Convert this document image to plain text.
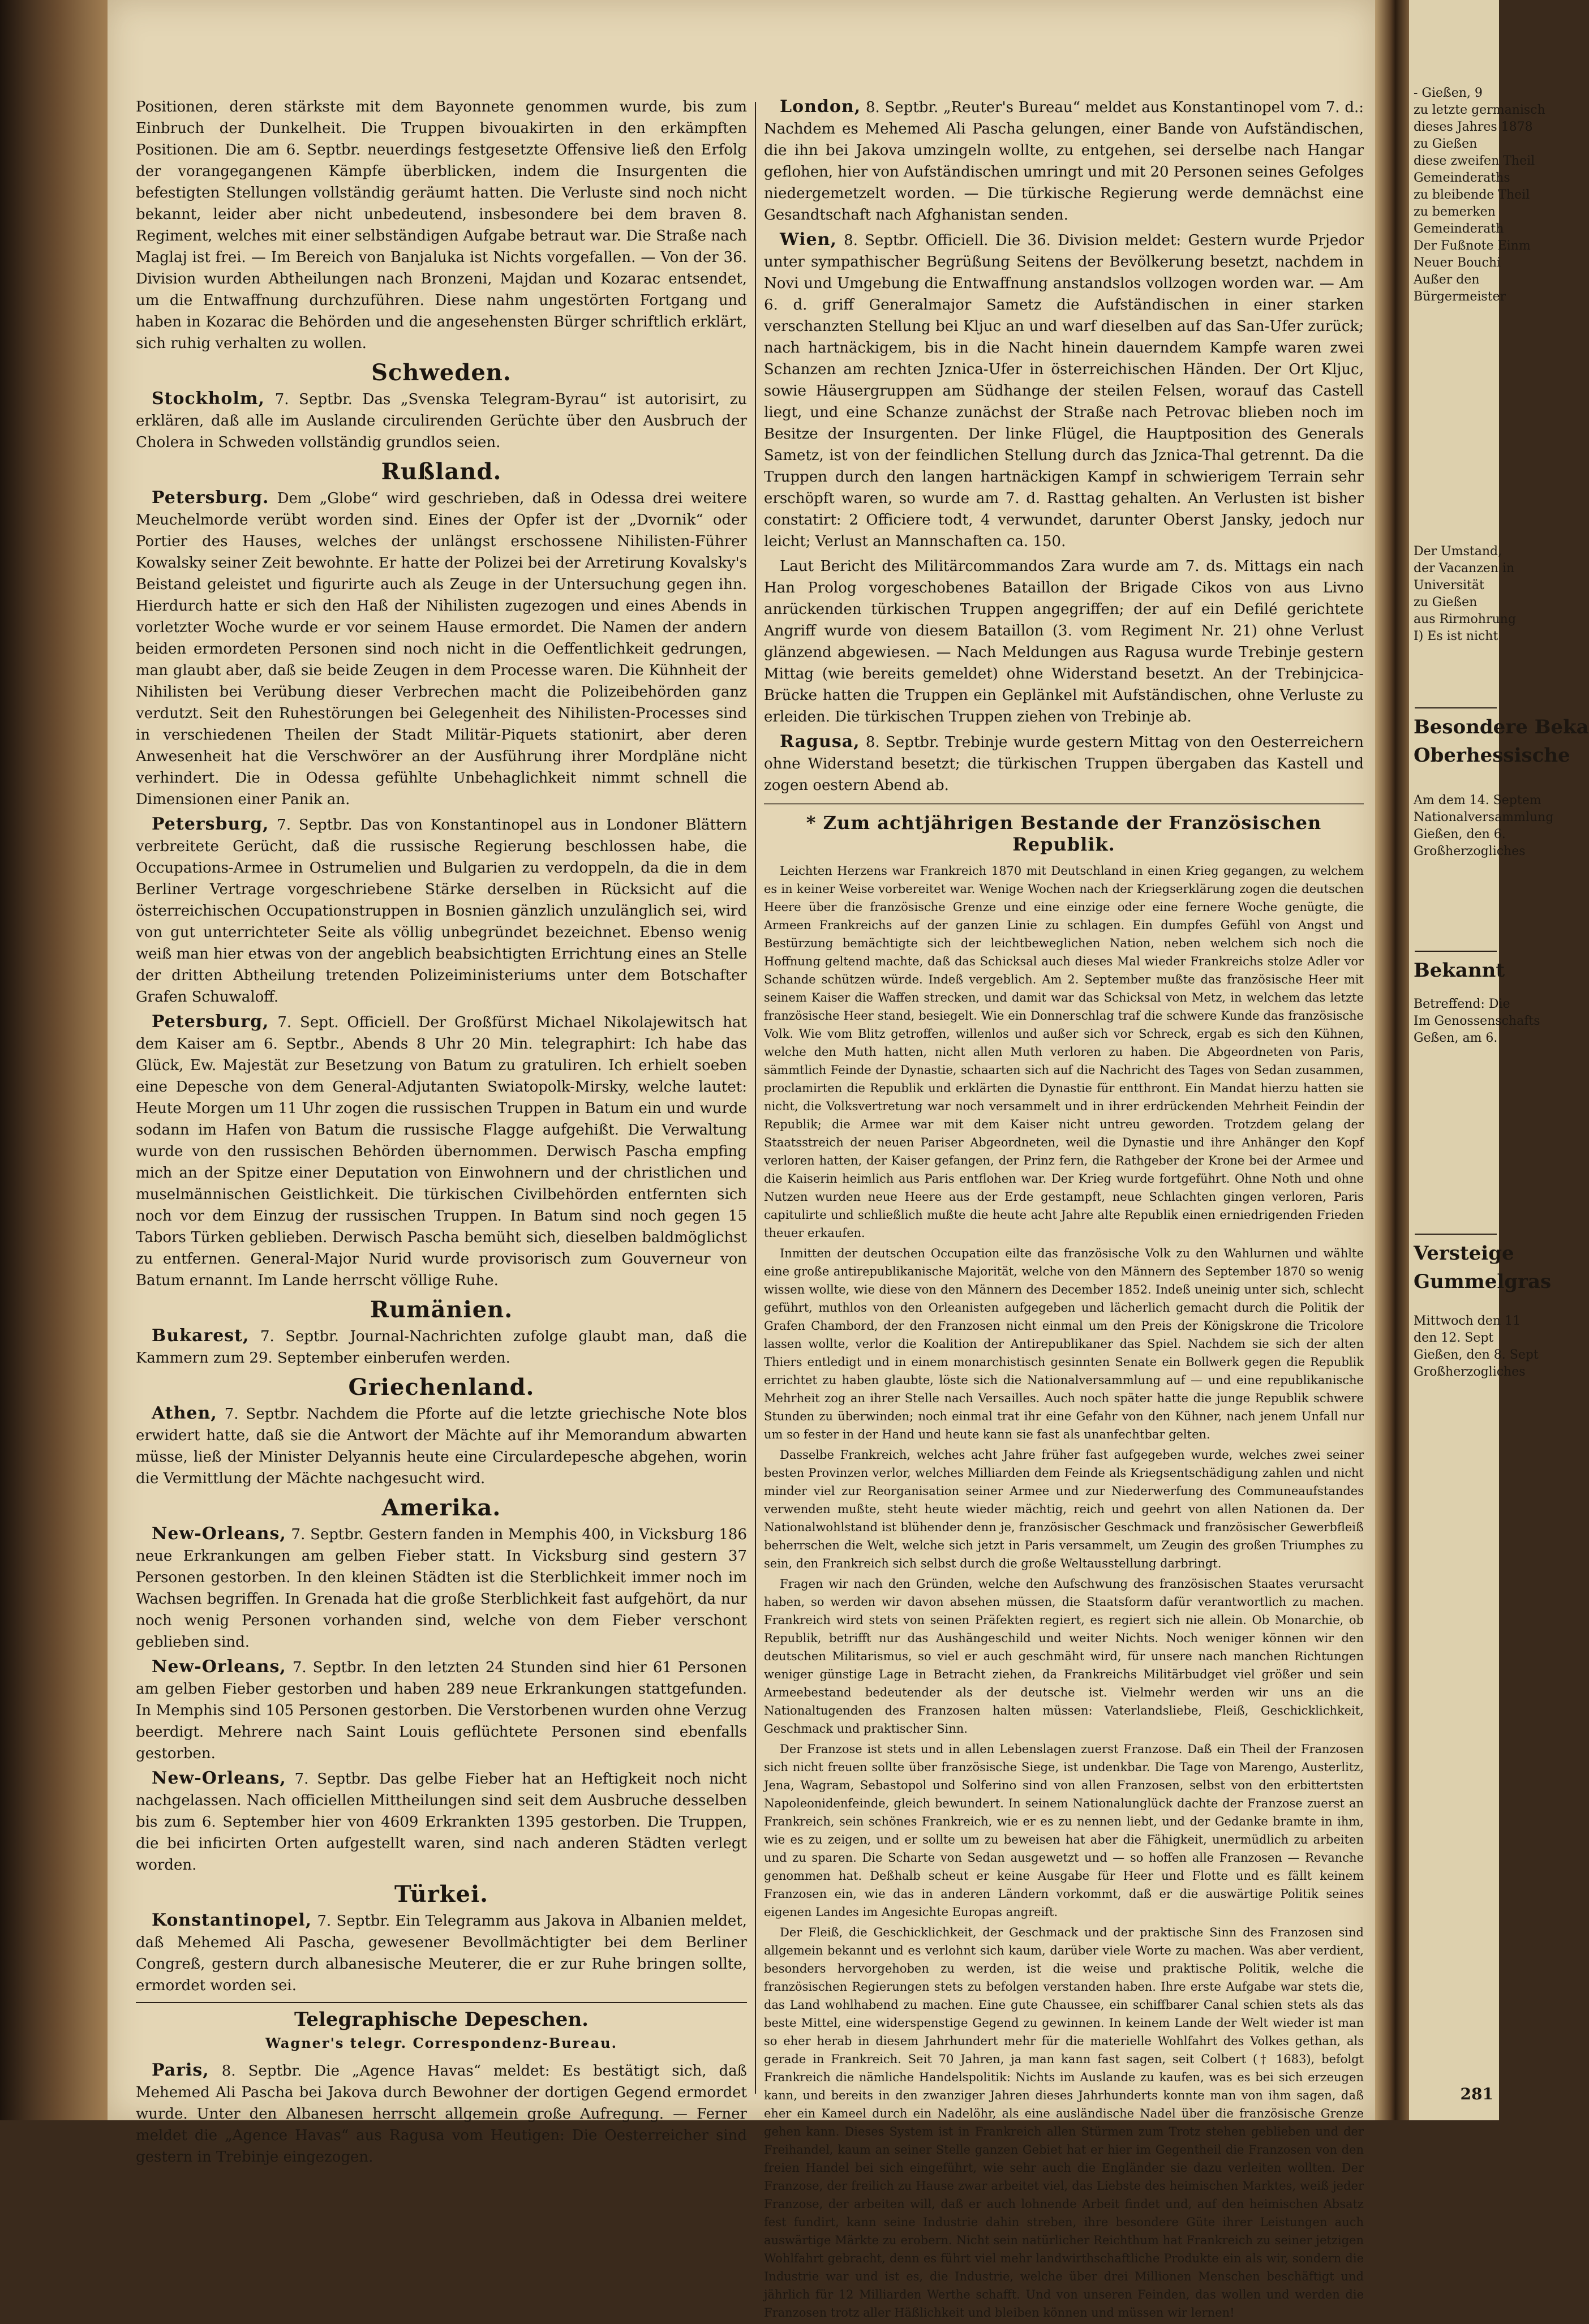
Positionen, deren stärkste mit dem Bayonnete genommen wurde, bis zum Einbruch der Dunkelheit. Die Truppen bivouakirten in den erkämpften Positionen. Die am 6. Septbr. neuerdings festgesetzte Offensive ließ den Erfolg der vorangegangenen Kämpfe überblicken, indem die Insurgenten die befestigten Stellungen vollständig geräumt hatten. Die Verluste sind noch nicht bekannt, leider aber nicht unbedeutend, insbesondere bei dem braven 8. Regiment, welches mit einer selbständigen Aufgabe betraut war. Die Straße nach Maglaj ist frei. — Im Bereich von Banjaluka ist Nichts vorgefallen. — Von der 36. Division wurden Abtheilungen nach Bronzeni, Majdan und Kozarac entsendet, um die Entwaffnung durchzuführen. Diese nahm ungestörten Fortgang und haben in Kozarac die Behörden und die angesehensten Bürger schriftlich erklärt, sich ruhig verhalten zu wollen.

Schweden.

Stockholm, 7. Septbr. Das „Svenska Telegram-Byrau“ ist autorisirt, zu erklären, daß alle im Auslande circulirenden Gerüchte über den Ausbruch der Cholera in Schweden vollständig grundlos seien.

Rußland.

Petersburg. Dem „Globe“ wird geschrieben, daß in Odessa drei weitere Meuchelmorde verübt worden sind. Eines der Opfer ist der „Dvornik“ oder Portier des Hauses, welches der unlängst erschossene Nihilisten-Führer Kowalsky seiner Zeit bewohnte. Er hatte der Polizei bei der Arretirung Kovalsky's Beistand geleistet und figurirte auch als Zeuge in der Untersuchung gegen ihn. Hierdurch hatte er sich den Haß der Nihilisten zugezogen und eines Abends in vorletzter Woche wurde er vor seinem Hause ermordet. Die Namen der andern beiden ermordeten Personen sind noch nicht in die Oeffentlichkeit gedrungen, man glaubt aber, daß sie beide Zeugen in dem Processe waren. Die Kühnheit der Nihilisten bei Verübung dieser Verbrechen macht die Polizeibehörden ganz verdutzt. Seit den Ruhestörungen bei Gelegenheit des Nihilisten-Processes sind in verschiedenen Theilen der Stadt Militär-Piquets stationirt, aber deren Anwesenheit hat die Verschwörer an der Ausführung ihrer Mordpläne nicht verhindert. Die in Odessa gefühlte Unbehaglichkeit nimmt schnell die Dimensionen einer Panik an.

Petersburg, 7. Septbr. Das von Konstantinopel aus in Londoner Blättern verbreitete Gerücht, daß die russische Regierung beschlossen habe, die Occupations-Armee in Ostrumelien und Bulgarien zu verdoppeln, da die in dem Berliner Vertrage vorgeschriebene Stärke derselben in Rücksicht auf die österreichischen Occupationstruppen in Bosnien gänzlich unzulänglich sei, wird von gut unterrichteter Seite als völlig unbegründet bezeichnet. Ebenso wenig weiß man hier etwas von der angeblich beabsichtigten Errichtung eines an Stelle der dritten Abtheilung tretenden Polizeiministeriums unter dem Botschafter Grafen Schuwaloff.

Petersburg, 7. Sept. Officiell. Der Großfürst Michael Nikolajewitsch hat dem Kaiser am 6. Septbr., Abends 8 Uhr 20 Min. telegraphirt: Ich habe das Glück, Ew. Majestät zur Besetzung von Batum zu gratuliren. Ich erhielt soeben eine Depesche von dem General-Adjutanten Swiatopolk-Mirsky, welche lautet: Heute Morgen um 11 Uhr zogen die russischen Truppen in Batum ein und wurde sodann im Hafen von Batum die russische Flagge aufgehißt. Die Verwaltung wurde von den russischen Behörden übernommen. Derwisch Pascha empfing mich an der Spitze einer Deputation von Einwohnern und der christlichen und muselmännischen Geistlichkeit. Die türkischen Civilbehörden entfernten sich noch vor dem Einzug der russischen Truppen. In Batum sind noch gegen 15 Tabors Türken geblieben. Derwisch Pascha bemüht sich, dieselben baldmöglichst zu entfernen. General-Major Nurid wurde provisorisch zum Gouverneur von Batum ernannt. Im Lande herrscht völlige Ruhe.

Rumänien.

Bukarest, 7. Septbr. Journal-Nachrichten zufolge glaubt man, daß die Kammern zum 29. September einberufen werden.

Griechenland.

Athen, 7. Septbr. Nachdem die Pforte auf die letzte griechische Note blos erwidert hatte, daß sie die Antwort der Mächte auf ihr Memorandum abwarten müsse, ließ der Minister Delyannis heute eine Circulardepesche abgehen, worin die Vermittlung der Mächte nachgesucht wird.

Amerika.

New-Orleans, 7. Septbr. Gestern fanden in Memphis 400, in Vicksburg 186 neue Erkrankungen am gelben Fieber statt. In Vicksburg sind gestern 37 Personen gestorben. In den kleinen Städten ist die Sterblichkeit immer noch im Wachsen begriffen. In Grenada hat die große Sterblichkeit fast aufgehört, da nur noch wenig Personen vorhanden sind, welche von dem Fieber verschont geblieben sind.

New-Orleans, 7. Septbr. In den letzten 24 Stunden sind hier 61 Personen am gelben Fieber gestorben und haben 289 neue Erkrankungen stattgefunden. In Memphis sind 105 Personen gestorben. Die Verstorbenen wurden ohne Verzug beerdigt. Mehrere nach Saint Louis geflüchtete Personen sind ebenfalls gestorben.

New-Orleans, 7. Septbr. Das gelbe Fieber hat an Heftigkeit noch nicht nachgelassen. Nach officiellen Mittheilungen sind seit dem Ausbruche desselben bis zum 6. September hier von 4609 Erkrankten 1395 gestorben. Die Truppen, die bei inficirten Orten aufgestellt waren, sind nach anderen Städten verlegt worden.

Türkei.

Konstantinopel, 7. Septbr. Ein Telegramm aus Jakova in Albanien meldet, daß Mehemed Ali Pascha, gewesener Bevollmächtigter bei dem Berliner Congreß, gestern durch albanesische Meuterer, die er zur Ruhe bringen sollte, ermordet worden sei.

Telegraphische Depeschen.
Wagner's telegr. Correspondenz-Bureau.

Paris, 8. Septbr. Die „Agence Havas“ meldet: Es bestätigt sich, daß Mehemed Ali Pascha bei Jakova durch Bewohner der dortigen Gegend ermordet wurde. Unter den Albanesen herrscht allgemein große Aufregung. — Ferner meldet die „Agence Havas“ aus Ragusa vom Heutigen: Die Oesterreicher sind gestern in Trebinje eingezogen.

London, 8. Septbr. „Reuter's Bureau“ meldet aus Konstantinopel vom 7. d.: Nachdem es Mehemed Ali Pascha gelungen, einer Bande von Aufständischen, die ihn bei Jakova umzingeln wollte, zu entgehen, sei derselbe nach Hangar geflohen, hier von Aufständischen umringt und mit 20 Personen seines Gefolges niedergemetzelt worden. — Die türkische Regierung werde demnächst eine Gesandtschaft nach Afghanistan senden.

Wien, 8. Septbr. Officiell. Die 36. Division meldet: Gestern wurde Prjedor unter sympathischer Begrüßung Seitens der Bevölkerung besetzt, nachdem in Novi und Umgebung die Entwaffnung anstandslos vollzogen worden war. — Am 6. d. griff Generalmajor Sametz die Aufständischen in einer starken verschanzten Stellung bei Kljuc an und warf dieselben auf das San-Ufer zurück; nach hartnäckigem, bis in die Nacht hinein dauerndem Kampfe waren zwei Schanzen am rechten Jznica-Ufer in österreichischen Händen. Der Ort Kljuc, sowie Häusergruppen am Südhange der steilen Felsen, worauf das Castell liegt, und eine Schanze zunächst der Straße nach Petrovac blieben noch im Besitze der Insurgenten. Der linke Flügel, die Hauptposition des Generals Sametz, ist von der feindlichen Stellung durch das Jznica-Thal getrennt. Da die Truppen durch den langen hartnäckigen Kampf in schwierigem Terrain sehr erschöpft waren, so wurde am 7. d. Rasttag gehalten. An Verlusten ist bisher constatirt: 2 Officiere todt, 4 verwundet, darunter Oberst Jansky, jedoch nur leicht; Verlust an Mannschaften ca. 150.

Laut Bericht des Militärcommandos Zara wurde am 7. ds. Mittags ein nach Han Prolog vorgeschobenes Bataillon der Brigade Cikos von aus Livno anrückenden türkischen Truppen angegriffen; der auf ein Defilé gerichtete Angriff wurde von diesem Bataillon (3. vom Regiment Nr. 21) ohne Verlust glänzend abgewiesen. — Nach Meldungen aus Ragusa wurde Trebinje gestern Mittag (wie bereits gemeldet) ohne Widerstand besetzt. An der Trebinjcica-Brücke hatten die Truppen ein Geplänkel mit Aufständischen, ohne Verluste zu erleiden. Die türkischen Truppen ziehen von Trebinje ab.

Ragusa, 8. Septbr. Trebinje wurde gestern Mittag von den Oesterreichern ohne Widerstand besetzt; die türkischen Truppen übergaben das Kastell und zogen oestern Abend ab.

* Zum achtjährigen Bestande der Französischen Republik.

Leichten Herzens war Frankreich 1870 mit Deutschland in einen Krieg gegangen, zu welchem es in keiner Weise vorbereitet war. Wenige Wochen nach der Kriegserklärung zogen die deutschen Heere über die französische Grenze und eine einzige oder eine fernere Woche genügte, die Armeen Frankreichs auf der ganzen Linie zu schlagen. Ein dumpfes Gefühl von Angst und Bestürzung bemächtigte sich der leichtbeweglichen Nation, neben welchem sich noch die Hoffnung geltend machte, daß das Schicksal auch dieses Mal wieder Frankreichs stolze Adler vor Schande schützen würde. Indeß vergeblich. Am 2. September mußte das französische Heer mit seinem Kaiser die Waffen strecken, und damit war das Schicksal von Metz, in welchem das letzte französische Heer stand, besiegelt. Wie ein Donnerschlag traf die schwere Kunde das französische Volk. Wie vom Blitz getroffen, willenlos und außer sich vor Schreck, ergab es sich den Kühnen, welche den Muth hatten, nicht allen Muth verloren zu haben. Die Abgeordneten von Paris, sämmtlich Feinde der Dynastie, schaarten sich auf die Nachricht des Tages von Sedan zusammen, proclamirten die Republik und erklärten die Dynastie für entthront. Ein Mandat hierzu hatten sie nicht, die Volksvertretung war noch versammelt und in ihrer erdrückenden Mehrheit Feindin der Republik; die Armee war mit dem Kaiser nicht untreu geworden. Trotzdem gelang der Staatsstreich der neuen Pariser Abgeordneten, weil die Dynastie und ihre Anhänger den Kopf verloren hatten, der Kaiser gefangen, der Prinz fern, die Rathgeber der Krone bei der Armee und die Kaiserin heimlich aus Paris entflohen war. Der Krieg wurde fortgeführt. Ohne Noth und ohne Nutzen wurden neue Heere aus der Erde gestampft, neue Schlachten gingen verloren, Paris capitulirte und schließlich mußte die heute acht Jahre alte Republik einen erniedrigenden Frieden theuer erkaufen.

Inmitten der deutschen Occupation eilte das französische Volk zu den Wahlurnen und wählte eine große antirepublikanische Majorität, welche von den Männern des September 1870 so wenig wissen wollte, wie diese von den Männern des December 1852. Indeß uneinig unter sich, schlecht geführt, muthlos von den Orleanisten aufgegeben und lächerlich gemacht durch die Politik der Grafen Chambord, der den Franzosen nicht einmal um den Preis der Königskrone die Tricolore lassen wollte, verlor die Koalition der Antirepublikaner das Spiel. Nachdem sie sich der alten Thiers entledigt und in einem monarchistisch gesinnten Senate ein Bollwerk gegen die Republik errichtet zu haben glaubte, löste sich die Nationalversammlung auf — und eine republikanische Mehrheit zog an ihrer Stelle nach Versailles. Auch noch später hatte die junge Republik schwere Stunden zu überwinden; noch einmal trat ihr eine Gefahr von den Kühner, nach jenem Unfall nur um so fester in der Hand und heute kann sie fast als unanfechtbar gelten.

Dasselbe Frankreich, welches acht Jahre früher fast aufgegeben wurde, welches zwei seiner besten Provinzen verlor, welches Milliarden dem Feinde als Kriegsentschädigung zahlen und nicht minder viel zur Reorganisation seiner Armee und zur Niederwerfung des Communeaufstandes verwenden mußte, steht heute wieder mächtig, reich und geehrt von allen Nationen da. Der Nationalwohlstand ist blühender denn je, französischer Geschmack und französischer Gewerbfleiß beherrschen die Welt, welche sich jetzt in Paris versammelt, um Zeugin des großen Triumphes zu sein, den Frankreich sich selbst durch die große Weltausstellung darbringt.

Fragen wir nach den Gründen, welche den Aufschwung des französischen Staates verursacht haben, so werden wir davon absehen müssen, die Staatsform dafür verantwortlich zu machen. Frankreich wird stets von seinen Präfekten regiert, es regiert sich nie allein. Ob Monarchie, ob Republik, betrifft nur das Aushängeschild und weiter Nichts. Noch weniger können wir den deutschen Militarismus, so viel er auch geschmäht wird, für unsere nach manchen Richtungen weniger günstige Lage in Betracht ziehen, da Frankreichs Militärbudget viel größer und sein Armeebestand bedeutender als der deutsche ist. Vielmehr werden wir uns an die Nationaltugenden des Franzosen halten müssen: Vaterlandsliebe, Fleiß, Geschicklichkeit, Geschmack und praktischer Sinn.

Der Franzose ist stets und in allen Lebenslagen zuerst Franzose. Daß ein Theil der Franzosen sich nicht freuen sollte über französische Siege, ist undenkbar. Die Tage von Marengo, Austerlitz, Jena, Wagram, Sebastopol und Solferino sind von allen Franzosen, selbst von den erbittertsten Napoleonidenfeinde, gleich bewundert. In seinem Nationalunglück dachte der Franzose zuerst an Frankreich, sein schönes Frankreich, wie er es zu nennen liebt, und der Gedanke bramte in ihm, wie es zu zeigen, und er sollte um zu beweisen hat aber die Fähigkeit, unermüdlich zu arbeiten und zu sparen. Die Scharte von Sedan ausgewetzt und — so hoffen alle Franzosen — Revanche genommen hat. Deßhalb scheut er keine Ausgabe für Heer und Flotte und es fällt keinem Franzosen ein, wie das in anderen Ländern vorkommt, daß er die auswärtige Politik seines eigenen Landes im Angesichte Europas angreift.

Der Fleiß, die Geschicklichkeit, der Geschmack und der praktische Sinn des Franzosen sind allgemein bekannt und es verlohnt sich kaum, darüber viele Worte zu machen. Was aber verdient, besonders hervorgehoben zu werden, ist die weise und praktische Politik, welche die französischen Regierungen stets zu befolgen verstanden haben. Ihre erste Aufgabe war stets die, das Land wohlhabend zu machen. Eine gute Chaussee, ein schiffbarer Canal schien stets als das beste Mittel, eine widerspenstige Gegend zu gewinnen. In keinem Lande der Welt wieder ist man so eher herab in diesem Jahrhundert mehr für die materielle Wohlfahrt des Volkes gethan, als gerade in Frankreich. Seit 70 Jahren, ja man kann fast sagen, seit Colbert († 1683), befolgt Frankreich die nämliche Handelspolitik: Nichts im Auslande zu kaufen, was es bei sich erzeugen kann, und bereits in den zwanziger Jahren dieses Jahrhunderts konnte man von ihm sagen, daß eher ein Kameel durch ein Nadelöhr, als eine ausländische Nadel über die französische Grenze gehen kann. Dieses System ist in Frankreich allen Stürmen zum Trotz stehen geblieben und der Freihandel, kaum an seiner Stelle ganzen Gebiet hat er hier im Gegentheil die Franzosen von den freien Handel bei sich eingeführt, wie sehr auch die Engländer sie dazu verleiten wollten. Der Franzose, der freilich zu Hause zwar arbeitet viel, das Liebste des heimischen Marktes, weiß jeder Franzose, der arbeiten will, daß er auch lohnende Arbeit findet und, auf den heimischen Absatz fest fundirt, kann seine Industrie dahin streben, ihre besondere Güte ihrer Leistungen auch auswärtige Märkte zu erobern. Nicht sein natürlicher Reichthum hat Frankreich zu seiner jetzigen Wohlfahrt gebracht, denn es führt viel mehr landwirthschaftliche Produkte ein als wir, sondern die Industrie war und ist es, die Industrie, welche über drei Millionen Menschen beschäftigt und jährlich für 12 Milliarden Werthe schafft. Und von unseren Feinden, das wollen und werden die Franzosen trotz aller Häßlichkeit und bleiben können und müssen wir lernen!

- Gießen, 9
zu letzte germanisch
dieses Jahres 1878
zu Gießen
diese zweifen Theil
Gemeinderaths
zu bleibende Theil
zu bemerken
Gemeinderath
Der Fußnote Einm
Neuer Bouchi
Außer den
Bürgermeister
Der Umstand,
der Vacanzen in
Universität
zu Gießen
aus Rirmohrung
I) Es ist nicht
Besondere Beka
Oberhessische
Am dem 14. Septem
Nationalversammlung
Gießen, den 6.
Großherzogliches
Bekannt
Betreffend: Die
Im Genossenschafts
Geßen, am 6.
Versteige
Gummelgras
Mittwoch den 11
den 12. Sept
Gießen, den 8. Sept
Großherzogliches
281
